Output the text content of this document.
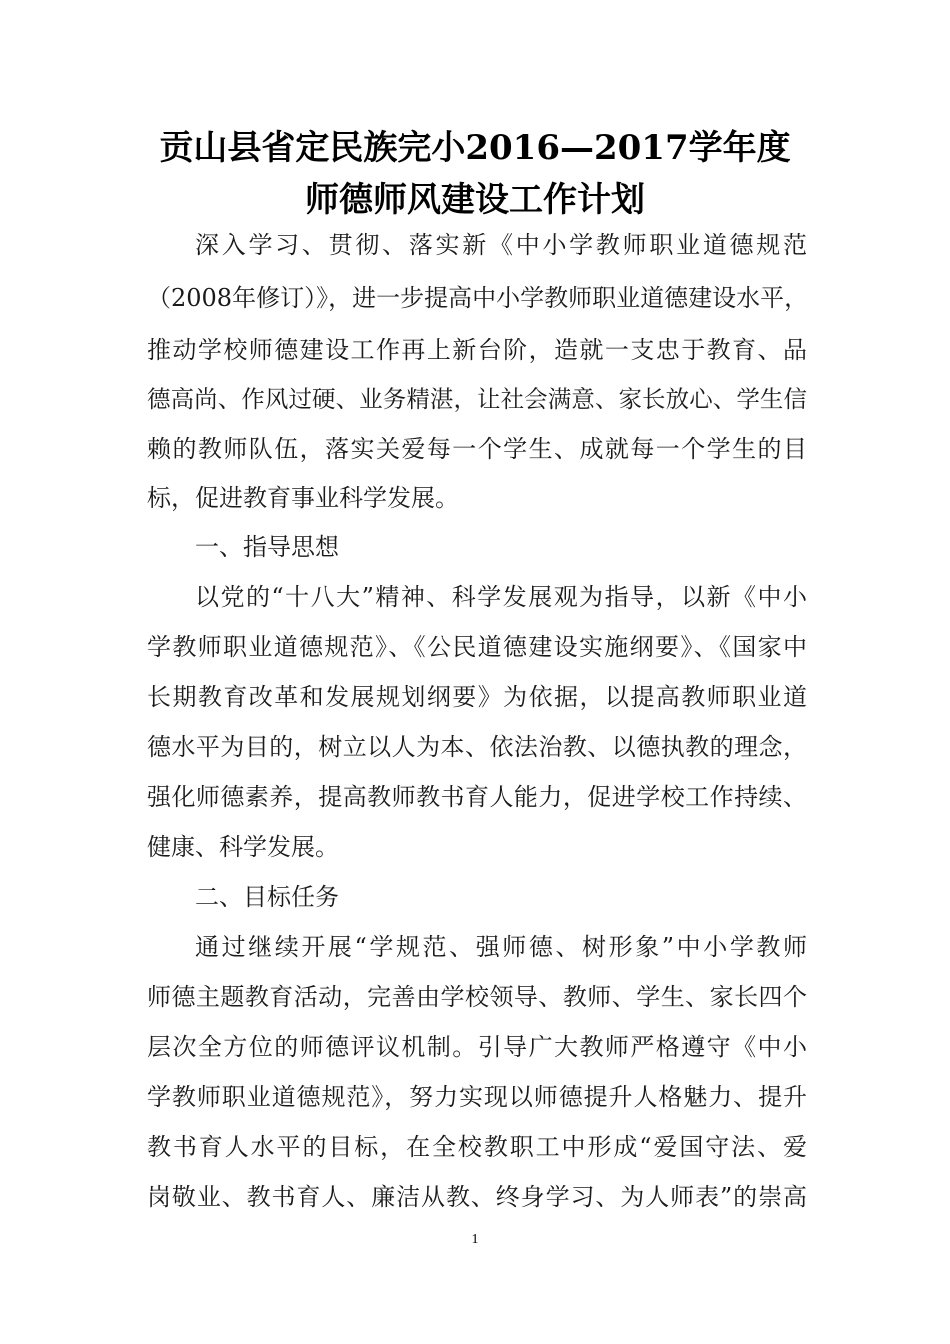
贡山县省定民族完小2016—2017学年度
师德师风建设工作计划
深入学习、贯彻、落实新《中小学教师职业道德规范
（2008年修订）》，进一步提高中小学教师职业道德建设水平，
推动学校师德建设工作再上新台阶，造就一支忠于教育、品
德高尚、作风过硬、业务精湛，让社会满意、家长放心、学生信
赖的教师队伍，落实关爱每一个学生、成就每一个学生的目
标，促进教育事业科学发展。
一、指导思想
以党的“十八大”精神、科学发展观为指导，以新《中小
学教师职业道德规范》、《公民道德建设实施纲要》、《国家中
长期教育改革和发展规划纲要》为依据，以提高教师职业道
德水平为目的，树立以人为本、依法治教、以德执教的理念，
强化师德素养，提高教师教书育人能力，促进学校工作持续、
健康、科学发展。
二、目标任务
通过继续开展“学规范、强师德、树形象”中小学教师
师德主题教育活动，完善由学校领导、教师、学生、家长四个
层次全方位的师德评议机制。引导广大教师严格遵守《中小
学教师职业道德规范》，努力实现以师德提升人格魅力、提升
教书育人水平的目标，在全校教职工中形成“爱国守法、爱
岗敬业、教书育人、廉洁从教、终身学习、为人师表”的崇高
1
